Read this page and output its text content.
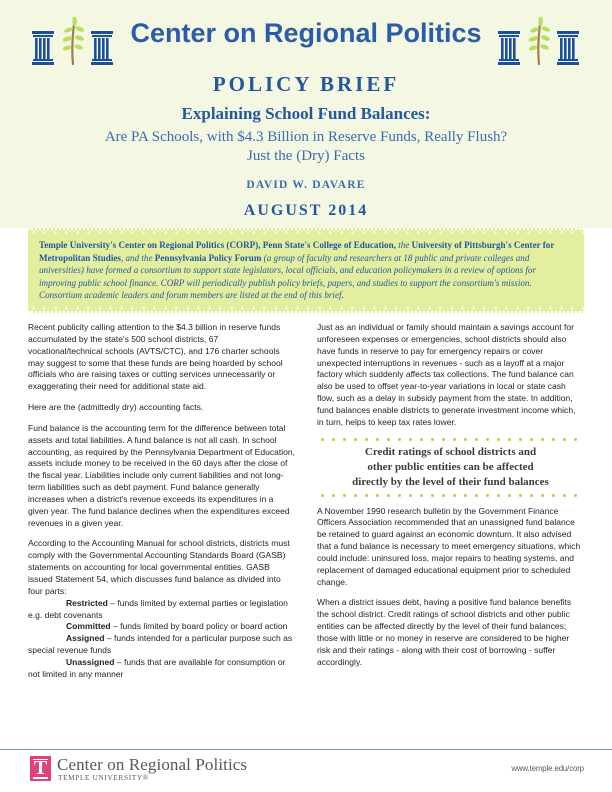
Center on Regional Politics
POLICY BRIEF
Explaining School Fund Balances:
Are PA Schools, with $4.3 Billion in Reserve Funds, Really Flush?
Just the (Dry) Facts
DAVID W. DAVARE
AUGUST 2014

Temple University's Center on Regional Politics (CORP), Penn State's College of Education, the University of Pittsburgh's Center for Metropolitan Studies, and the Pennsylvania Policy Forum (a group of faculty and researchers at 18 public and private colleges and universities) have formed a consortium to support state legislators, local officials, and education policymakers in a review of options for improving public school finance. CORP will periodically publish policy briefs, papers, and studies to support the consortium's mission. Consortium academic leaders and forum members are listed at the end of this brief.

Recent publicity calling attention to the $4.3 billion in reserve funds accumulated by the state's 500 school districts, 67 vocational/technical schools (AVTS/CTC), and 176 charter schools may suggest to some that these funds are being hoarded by school officials who are raising taxes or cutting services unnecessarily or exaggerating their need for additional state aid.

Here are the (admittedly dry) accounting facts.

Fund balance is the accounting term for the difference between total assets and total liabilities. A fund balance is not all cash. In school accounting, as required by the Pennsylvania Department of Education, assets include money to be received in the 60 days after the close of the fiscal year. Liabilities include only current liabilities and not long-term liabilities such as debt payment. Fund balance generally increases when a district's revenue exceeds its expenditures in a given year. The fund balance declines when the expenditures exceed revenues in a given year.

According to the Accounting Manual for school districts, districts must comply with the Governmental Accounting Standards Board (GASB) statements on accounting for local governmental entities. GASB issued Statement 54, which discusses fund balance as divided into four parts:

Restricted – funds limited by external parties or legislation e.g. debt covenants

Committed – funds limited by board policy or board action

Assigned – funds intended for a particular purpose such as special revenue funds

Unassigned – funds that are available for consumption or not limited in any manner

Just as an individual or family should maintain a savings account for unforeseen expenses or emergencies, school districts should also have funds in reserve to pay for emergency repairs or cover unexpected interruptions in revenues - such as a layoff at a major factory which suddenly affects tax collections. The fund balance can also be used to offset year-to-year variations in local or state cash flow, such as a delay in subsidy payment from the state. In addition, fund balances enable districts to generate investment income which, in turn, helps to keep tax rates lower.

Credit ratings of school districts and
other public entities can be affected
directly by the level of their fund balances

A November 1990 research bulletin by the Government Finance Officers Association recommended that an unassigned fund balance be retained to guard against an economic downturn. It also advised that a fund balance is necessary to meet emergency situations, which could include: uninsured loss, major repairs to heating systems, and replacement of damaged educational equipment prior to scheduled change.

When a district issues debt, having a positive fund balance benefits the school district. Credit ratings of school districts and other public entities can be affected directly by the level of their fund balances; those with little or no money in reserve are considered to be higher risk and their ratings - along with their cost of borrowing - suffer accordingly.

T
Center on Regional Politics
TEMPLE UNIVERSITY®
www.temple.edu/corp
